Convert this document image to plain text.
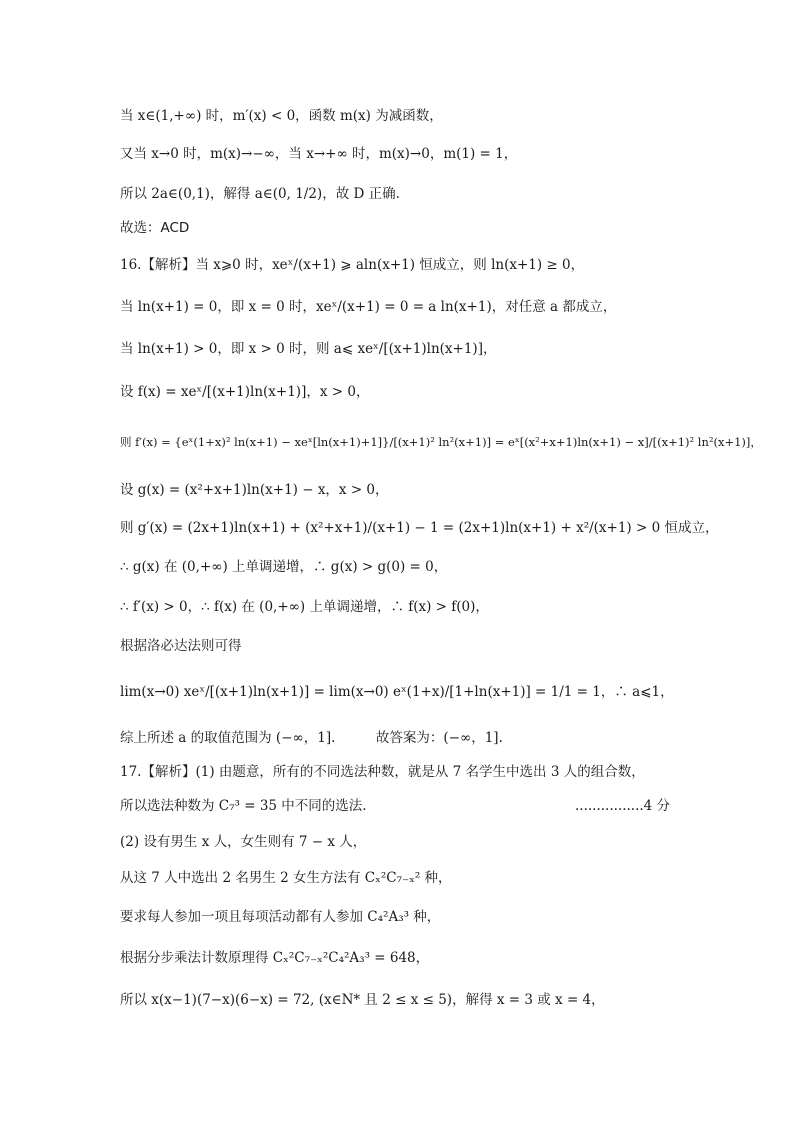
当 x∈(1,+∞) 时，m′(x) < 0，函数 m(x) 为减函数，
又当 x→0 时，m(x)→−∞，当 x→+∞ 时，m(x)→0，m(1) = 1，
所以 2a∈(0,1)，解得 a∈(0, 1/2)，故 D 正确.
故选：ACD
16.【解析】当 x⩾0 时，xeˣ/(x+1) ⩾ aln(x+1) 恒成立，则 ln(x+1) ≥ 0，
当 ln(x+1) = 0，即 x = 0 时，xeˣ/(x+1) = 0 = a ln(x+1)，对任意 a 都成立，
当 ln(x+1) > 0，即 x > 0 时，则 a⩽ xeˣ/[(x+1)ln(x+1)]，
设 f(x) = xeˣ/[(x+1)ln(x+1)]，x > 0，
则 f′(x) = {eˣ(1+x)² ln(x+1) − xeˣ[ln(x+1)+1]}/[(x+1)² ln²(x+1)] = eˣ[(x²+x+1)ln(x+1) − x]/[(x+1)² ln²(x+1)]，
设 g(x) = (x²+x+1)ln(x+1) − x，x > 0，
则 g′(x) = (2x+1)ln(x+1) + (x²+x+1)/(x+1) − 1 = (2x+1)ln(x+1) + x²/(x+1) > 0 恒成立，
∴ g(x) 在 (0,+∞) 上单调递增，∴ g(x) > g(0) = 0，
∴ f′(x) > 0，∴ f(x) 在 (0,+∞) 上单调递增，∴ f(x) > f(0)，
根据洛必达法则可得
lim(x→0) xeˣ/[(x+1)ln(x+1)] = lim(x→0) eˣ(1+x)/[1+ln(x+1)] = 1/1 = 1，∴ a⩽1，
综上所述 a 的取值范围为 (−∞，1].　　　故答案为：(−∞，1].
17.【解析】(1) 由题意，所有的不同选法种数，就是从 7 名学生中选出 3 人的组合数，
所以选法种数为 C₇³ = 35 中不同的选法.	................4 分
(2) 设有男生 x 人，女生则有 7 − x 人，
从这 7 人中选出 2 名男生 2 女生方法有 Cₓ²C₇₋ₓ² 种，
要求每人参加一项且每项活动都有人参加 C₄²A₃³ 种，
根据分步乘法计数原理得 Cₓ²C₇₋ₓ²C₄²A₃³ = 648，
所以 x(x−1)(7−x)(6−x) = 72, (x∈N* 且 2 ≤ x ≤ 5)，解得 x = 3 或 x = 4，
